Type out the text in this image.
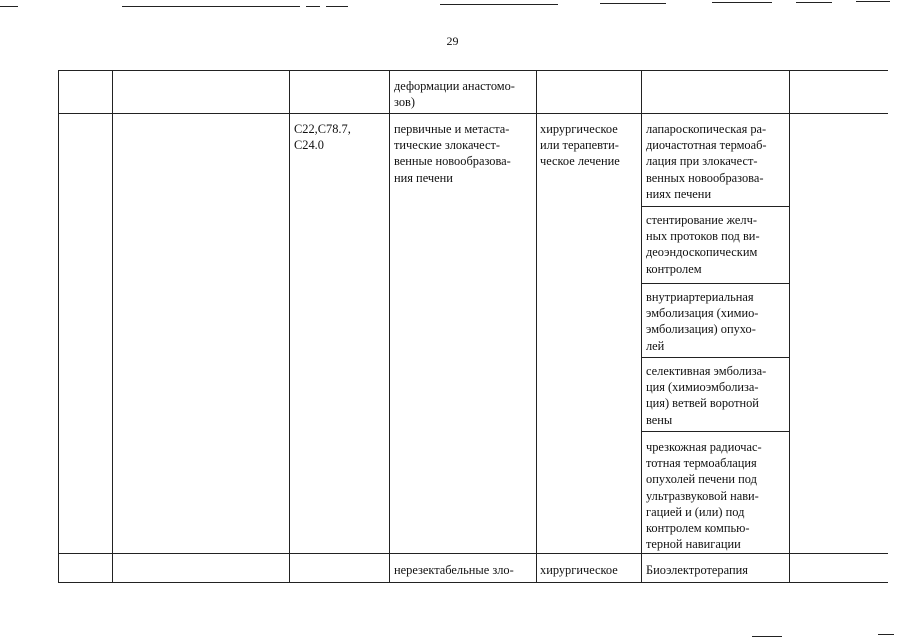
29
деформации анастомо-
зов)
C22,C78.7,
C24.0
первичные и метаста-
тические злокачест-
венные новообразова-
ния печени
хирургическое
или терапевти-
ческое лечение
лапароскопическая ра-
диочастотная термоаб-
лация при злокачест-
венных новообразова-
ниях печени
стентирование желч-
ных протоков под ви-
деоэндоскопическим
контролем
внутриартериальная
эмболизация (химио-
эмболизация) опухо-
лей
селективная эмболиза-
ция (химиоэмболиза-
ция) ветвей воротной
вены
чрезкожная радиочас-
тотная термоаблация
опухолей печени под
ультразвуковой нави-
гацией и (или) под
контролем компью-
терной навигации
нерезектабельные зло-	хирургическое	Биоэлектротерапия
